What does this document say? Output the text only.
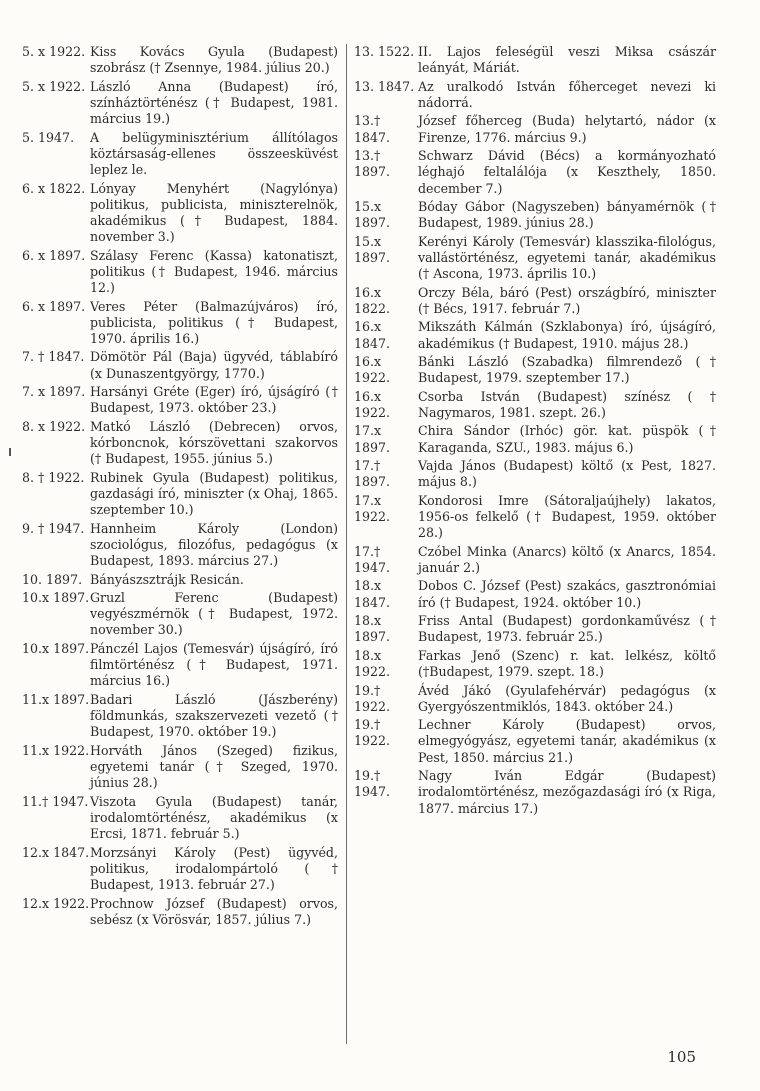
5. x 1922. Kiss Kovács Gyula (Budapest) szobrász († Zsennye, 1984. július 20.)
5. x 1922. László Anna (Budapest) író, színháztörténész († Budapest, 1981. március 19.)
5. 1947.	A belügyminisztérium állítólagos köztársaság-ellenes összeesküvést leplez le.
6. x 1822. Lónyay Menyhért (Nagylónya) politikus, publicista, miniszterelnök, akadémikus († Budapest, 1884. november 3.)
6. x 1897. Szálasy Ferenc (Kassa) katonatiszt, politikus († Budapest, 1946. március 12.)
6. x 1897. Veres Péter (Balmazújváros) író, publicista, politikus († Budapest, 1970. április 16.)
7. † 1847. Dömötör Pál (Baja) ügyvéd, táblabíró (x Dunaszentgyörgy, 1770.)
7. x 1897. Harsányi Gréte (Eger) író, újságíró († Budapest, 1973. október 23.)
8. x 1922. Matkó László (Debrecen) orvos, kórbonсnok, kórszövettani szakorvos († Budapest, 1955. június 5.)
8. † 1922. Rubinek Gyula (Budapest) politikus, gazdasági író, miniszter (x Ohaj, 1865. szeptember 10.)
9. † 1947. Hannheim Károly (London) szociológus, filozófus, pedagógus (x Budapest, 1893. március 27.)
10. 1897. Bányászsztrájk Resicán.
10.x 1897. Gruzl Ferenc (Budapest) vegyészmérnök († Budapest, 1972. november 30.)
10.x 1897. Pánczél Lajos (Temesvár) újságíró, író filmtörténész († Budapest, 1971. március 16.)
11.x 1897. Badari László (Jászberény) földmunkás, szakszervezeti vezető († Budapest, 1970. október 19.)
11.x 1922. Horváth János (Szeged) fizikus, egyetemi tanár († Szeged, 1970. június 28.)
11.† 1947. Viszota Gyula (Budapest) tanár, irodalomtörténész, akadémikus (x Ercsi, 1871. február 5.)
12.x 1847. Morzsányi Károly (Pest) ügyvéd, politikus, irodalompártoló († Budapest, 1913. február 27.)
12.x 1922. Prochnow József (Budapest) orvos, sebész (x Vörösvár, 1857. július 7.)
13. 1522. II. Lajos feleségül veszi Miksa császár leányát, Máriát.
13. 1847. Az uralkodó István főherceget nevezi ki nádorrá.
13.† 1847.
József főherceg (Buda) helytartó, nádor (x Firenze, 1776. március 9.)
13.† 1897.
Schwarz Dávid (Bécs) a kormányozható léghajó feltalálója (x Keszthely, 1850. december 7.)
15.x 1897.
Bóday Gábor (Nagyszeben) bányamérnök († Budapest, 1989. június 28.)
15.x 1897.
Kerényi Károly (Temesvár) klasszika-filológus, vallástörténész, egyetemi tanár, akadémikus († Ascona, 1973. április 10.)
16.x 1822.
Orczy Béla, báró (Pest) országbíró, miniszter († Bécs, 1917. február 7.)
16.x 1847.
Mikszáth Kálmán (Szklabonya) író, újságíró, akadémikus († Budapest, 1910. május 28.)
16.x 1922.
Bánki László (Szabadka) filmrendező († Budapest, 1979. szeptember 17.)
16.x 1922.
Csorba István (Budapest) színész ( † Nagymaros, 1981. szept. 26.)
17.x 1897.
Chira Sándor (Irhóc) gör. kat. püspök († Karaganda, SZU., 1983. május 6.)
17.† 1897.
Vajda János (Budapest) költő (x Pest, 1827. május 8.)
17.x 1922.
Kondorosi Imre (Sátoraljaújhely) lakatos, 1956-os felkelő († Budapest, 1959. október 28.)
17.† 1947.
Czóbel Minka (Anarcs) költő (x Anarcs, 1854. január 2.)
18.x 1847.
Dobos C. József (Pest) szakács, gasztronómiai író († Budapest, 1924. október 10.)
18.x 1897.
Friss Antal (Budapest) gordonkaművész († Budapest, 1973. február 25.)
18.x 1922.
Farkas Jenő (Szenc) r. kat. lelkész, költő (†Budapest, 1979. szept. 18.)
19.† 1922.
Ávéd Jákó (Gyulafehérvár) pedagógus (x Gyergyószentmiklós, 1843. október 24.)
19.† 1922.
Lechner Károly (Budapest) orvos, elmegyógyász, egyetemi tanár, akadémikus (x Pest, 1850. március 21.)
19.† 1947.
Nagy Iván Edgár (Budapest) irodalomtörténész, mezőgazdasági író (x Riga, 1877. március 17.)
105
